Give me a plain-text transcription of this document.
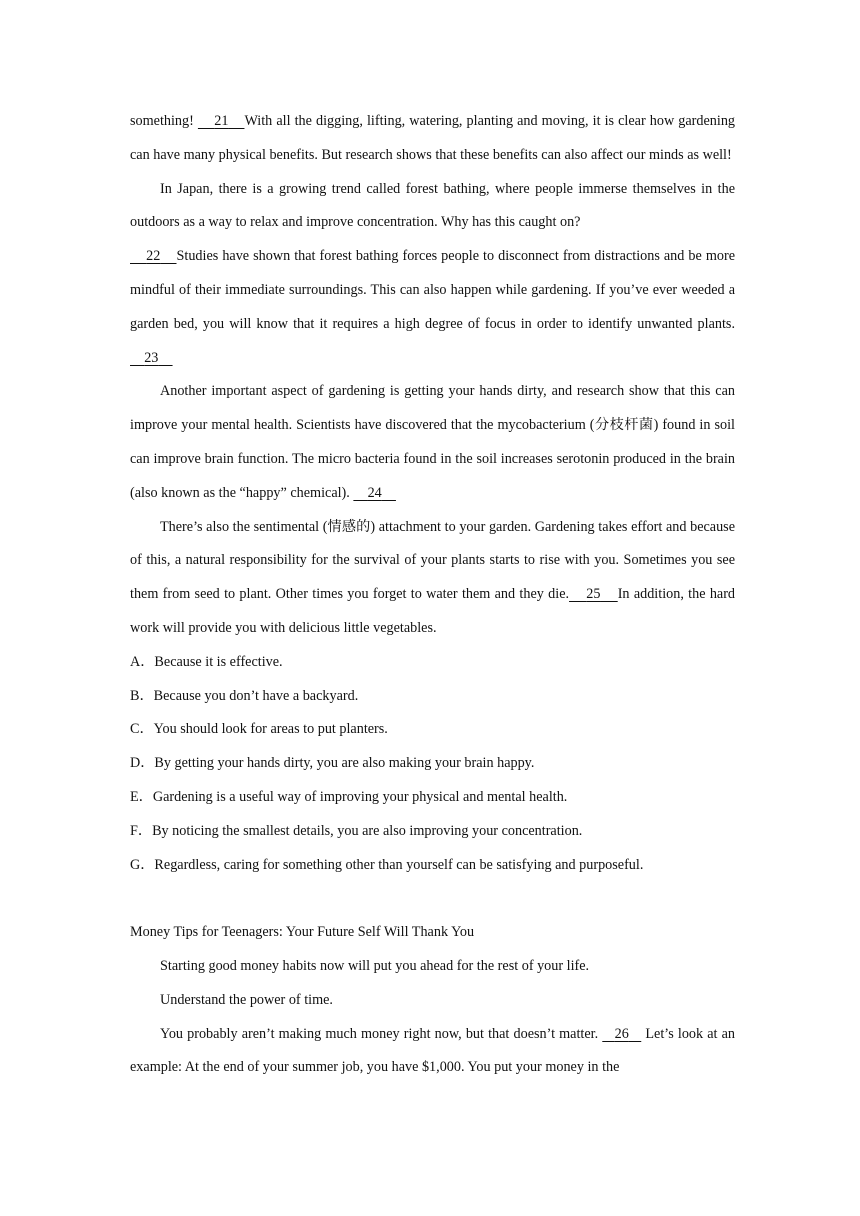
something!     21 With all the digging, lifting, watering, planting and moving, it is clear how gardening can have many physical benefits. But research shows that these benefits can also affect our minds as well!

In Japan, there is a growing trend called forest bathing, where people immerse themselves in the outdoors as a way to relax and improve concentration. Why has this caught on?
22 Studies have shown that forest bathing forces people to disconnect from distractions and be more mindful of their immediate surroundings. This can also happen while gardening. If you’ve ever weeded a garden bed, you will know that it requires a high degree of focus in order to identify unwanted plants.     23

Another important aspect of gardening is getting your hands dirty, and research show that this can improve your mental health. Scientists have discovered that the mycobacterium (分枝杆菌) found in soil can improve brain function. The micro bacteria found in the soil increases serotonin produced in the brain (also known as the “happy” chemical).     24

There’s also the sentimental (情感的) attachment to your garden. Gardening takes effort and because of this, a natural responsibility for the survival of your plants starts to rise with you. Sometimes you see them from seed to plant. Other times you forget to water them and they die. 25 In addition, the hard work will provide you with delicious little vegetables.

A．Because it is effective.

B．Because you don’t have a backyard.

C．You should look for areas to put planters.

D．By getting your hands dirty, you are also making your brain happy.

E．Gardening is a useful way of improving your physical and mental health.

F．By noticing the smallest details, you are also improving your concentration.

G．Regardless, caring for something other than yourself can be satisfying and purposeful.

Money Tips for Teenagers: Your Future Self Will Thank You

Starting good money habits now will put you ahead for the rest of your life.

Understand the power of time.

You probably aren’t making much money right now, but that doesn’t matter.    26    Let’s look at an example: At the end of your summer job, you have $1,000. You put your money in the
